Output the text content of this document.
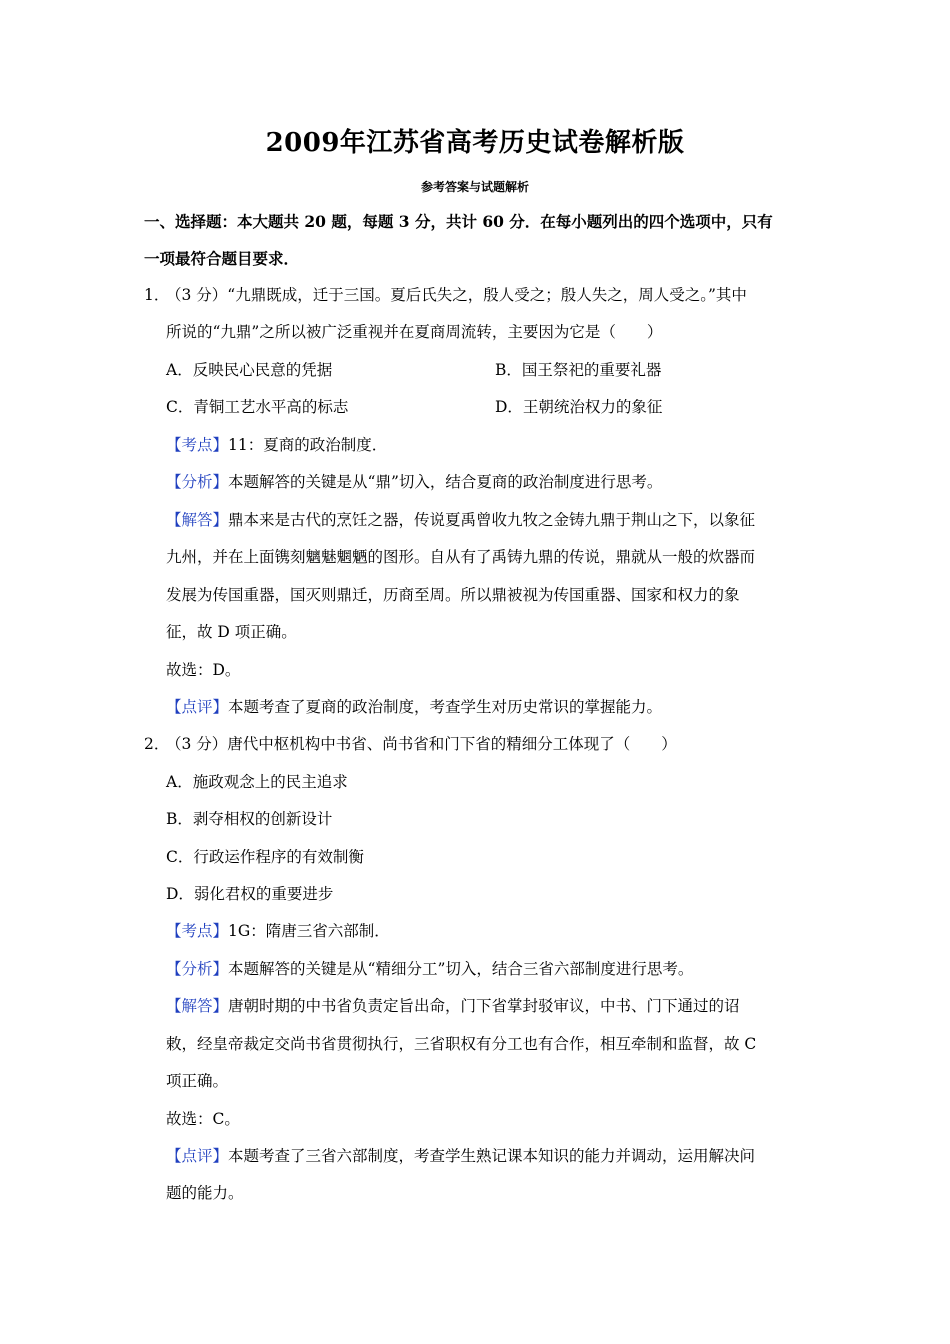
2009年江苏省高考历史试卷解析版
参考答案与试题解析
一、选择题：本大题共 20 题，每题 3 分，共计 60 分．在每小题列出的四个选项中，只有
一项最符合题目要求．
1．（3 分）“九鼎既成，迁于三国。夏后氏失之，殷人受之；殷人失之，周人受之。”其中
所说的“九鼎”之所以被广泛重视并在夏商周流转，主要因为它是（　　）
A．反映民心民意的凭据	B．国王祭祀的重要礼器
C．青铜工艺水平高的标志	D．王朝统治权力的象征
【考点】11：夏商的政治制度．
【分析】本题解答的关键是从“鼎”切入，结合夏商的政治制度进行思考。
【解答】鼎本来是古代的烹饪之器，传说夏禹曾收九牧之金铸九鼎于荆山之下，以象征
九州，并在上面镌刻魑魅魍魉的图形。自从有了禹铸九鼎的传说，鼎就从一般的炊器而
发展为传国重器，国灭则鼎迁，历商至周。所以鼎被视为传国重器、国家和权力的象
征，故 D 项正确。
故选：D。
【点评】本题考查了夏商的政治制度，考查学生对历史常识的掌握能力。
2．（3 分）唐代中枢机构中书省、尚书省和门下省的精细分工体现了（　　）
A．施政观念上的民主追求
B．剥夺相权的创新设计
C．行政运作程序的有效制衡
D．弱化君权的重要进步
【考点】1G：隋唐三省六部制．
【分析】本题解答的关键是从“精细分工”切入，结合三省六部制度进行思考。
【解答】唐朝时期的中书省负责定旨出命，门下省掌封驳审议，中书、门下通过的诏
敕，经皇帝裁定交尚书省贯彻执行，三省职权有分工也有合作，相互牵制和监督，故 C
项正确。
故选：C。
【点评】本题考查了三省六部制度，考查学生熟记课本知识的能力并调动，运用解决问
题的能力。
